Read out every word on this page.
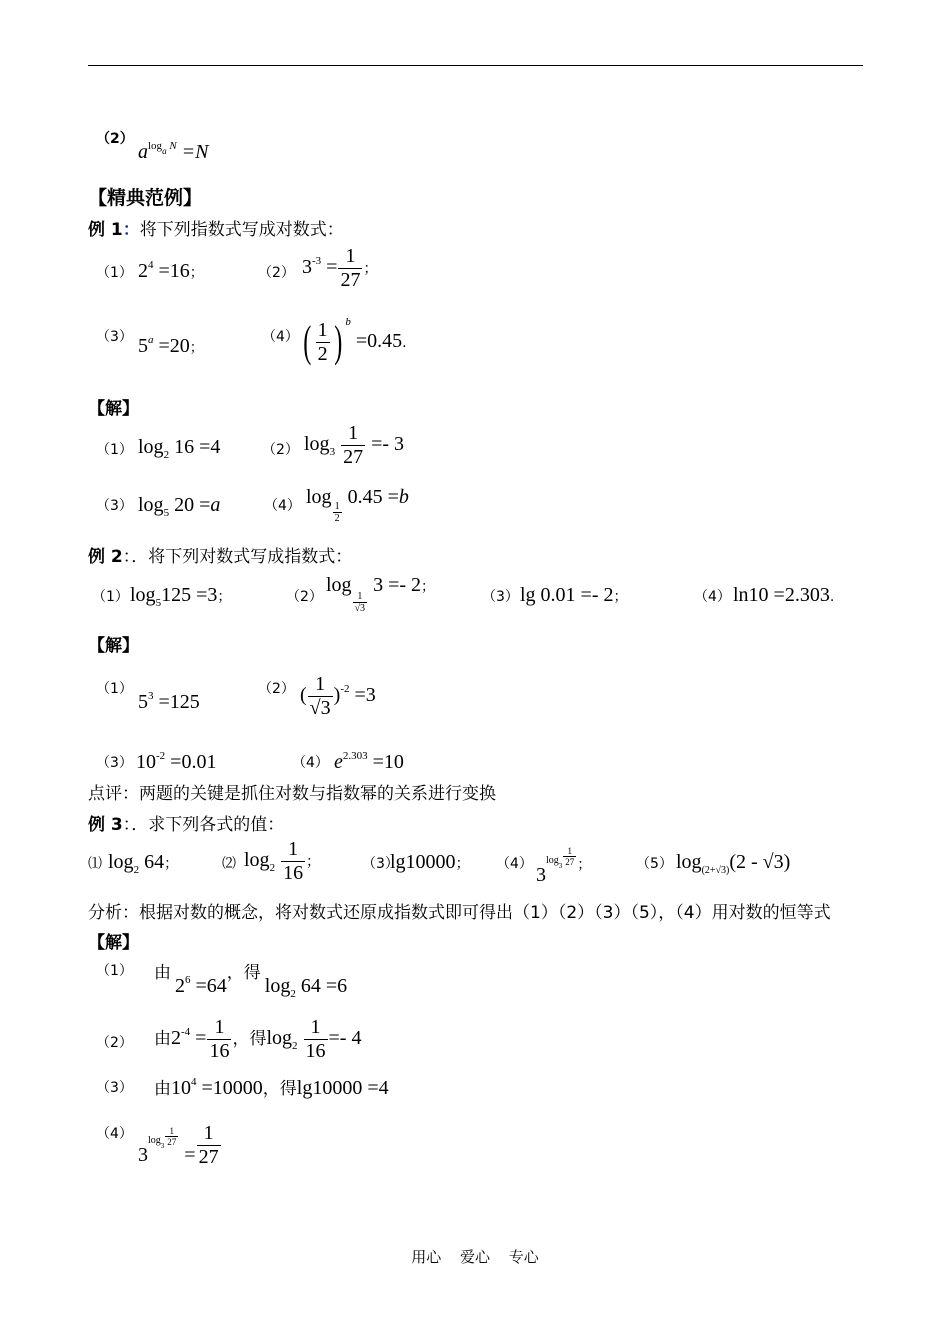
（2）
$a^{log_a N} =N$
【精典范例】
例 1：将下列指数式写成对数式：
（1） $2^4 =16$；	（2） $3^{-3} = \frac{1}{27}$ ；
（3） $5^a =20$；
（4） ( $\frac{1}{2}$ ) $^b$ =0.45.
【解】
（1） $\log_2 16 =4$	（2） $\log_3 \frac{1}{27} =- 3$
（3） $\log_5 20 =a$	（4） log
$\frac{1}{2}$
0.45 =b
例 2：．将下列对数式写成指数式：
（1） $\log_5125 =3$；	（2）
log
$\frac{1}{√3}$
3 =- 2；
（3） lg 0.01 =- 2；	（4） ln10 =2.303.
【解】
（1）
$5^3 =125$
（2） ( $\frac{1}{√3} )^{-2} =3$
（3） $10^{-2} =0.01$	（4） $e^{2.303} =10$
点评：两题的关键是抓住对数与指数幂的关系进行变换
例 3：．求下列各式的值：
⑴ $\log_2 64$；	⑵ $\log_2 \frac{1}{16}$ ；	（3）
lg10000； （4） $3^{log_3} \frac{1}{27}$ ；	（5） $\log_{(2+√3)}(2 - √3)$
分析：根据对数的概念，将对数式还原成指数式即可得出（1）（2）（3）（5），（4）用对数的恒等式
【解】
（1） 由 $2^6 =64$，得 $\log_2 64 =6$
（2） 由$2^{-4} = \frac{1}{16}$ ，得$\log_2 \frac{1}{16} =- 4$
（3） 由$10^4 =10000$，得lg10000 =4
（4）
$3^{log_3} \frac{1}{27}$
= $\frac{1}{27}$
用心 爱心 专心
